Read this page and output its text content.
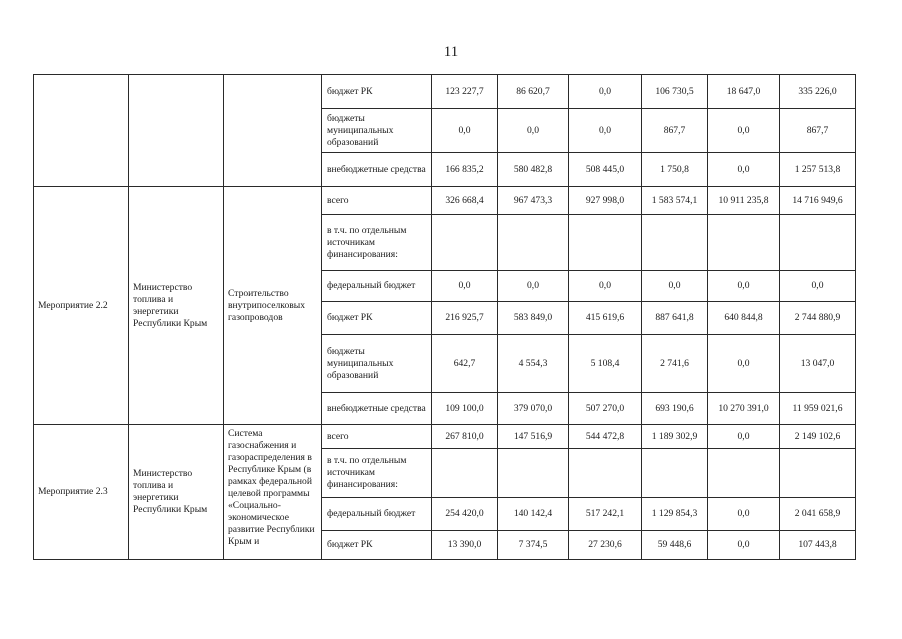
11
			бюджет РК	123 227,7	86 620,7	0,0	106 730,5	18 647,0	335 226,0
			бюджеты муниципальных образований	0,0	0,0	0,0	867,7	0,0	867,7
			внебюджетные средства	166 835,2	580 482,8	508 445,0	1 750,8	0,0	1 257 513,8
Мероприятие 2.2	Министерство топлива и энергетики Республики Крым	Строительство внутрипоселковых газопроводов	всего	326 668,4	967 473,3	927 998,0	1 583 574,1	10 911 235,8	14 716 949,6
			в т.ч. по отдельным источникам финансирования:						
			федеральный бюджет	0,0	0,0	0,0	0,0	0,0	0,0
			бюджет РК	216 925,7	583 849,0	415 619,6	887 641,8	640 844,8	2 744 880,9
			бюджеты муниципальных образований	642,7	4 554,3	5 108,4	2 741,6	0,0	13 047,0
			внебюджетные средства	109 100,0	379 070,0	507 270,0	693 190,6	10 270 391,0	11 959 021,6
Мероприятие 2.3	Министерство топлива и энергетики Республики Крым	Система газоснабжения и газораспределения в Республике Крым (в рамках федеральной целевой программы «Социально-экономическое развитие Республики Крым и	всего	267 810,0	147 516,9	544 472,8	1 189 302,9	0,0	2 149 102,6
			в т.ч. по отдельным источникам финансирования:						
			федеральный бюджет	254 420,0	140 142,4	517 242,1	1 129 854,3	0,0	2 041 658,9
			бюджет РК	13 390,0	7 374,5	27 230,6	59 448,6	0,0	107 443,8
